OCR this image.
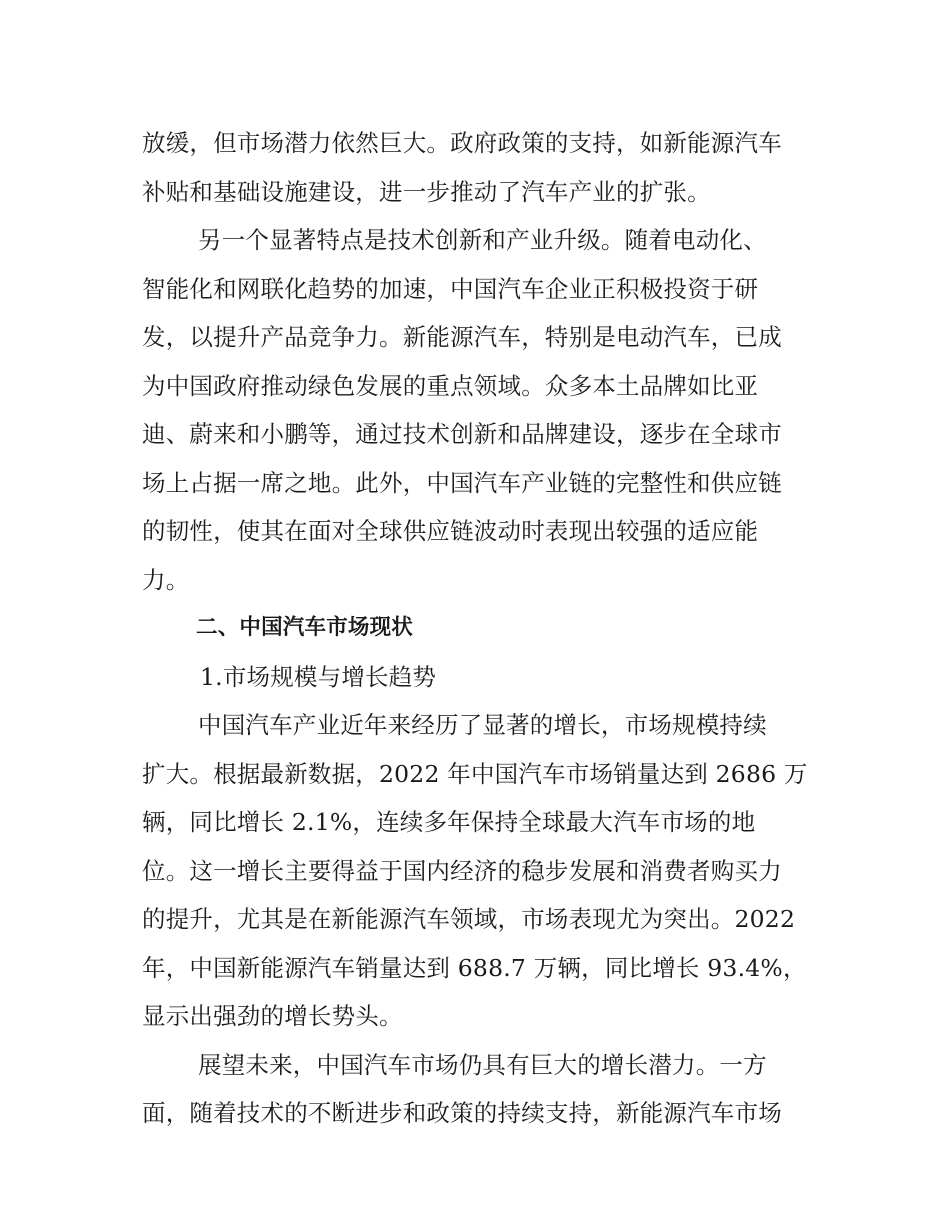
放缓，但市场潜力依然巨大。政府政策的支持，如新能源汽车
补贴和基础设施建设，进一步推动了汽车产业的扩张。
另一个显著特点是技术创新和产业升级。随着电动化、
智能化和网联化趋势的加速，中国汽车企业正积极投资于研
发，以提升产品竞争力。新能源汽车，特别是电动汽车，已成
为中国政府推动绿色发展的重点领域。众多本土品牌如比亚
迪、蔚来和小鹏等，通过技术创新和品牌建设，逐步在全球市
场上占据一席之地。此外，中国汽车产业链的完整性和供应链
的韧性，使其在面对全球供应链波动时表现出较强的适应能
力。
二、中国汽车市场现状
1.市场规模与增长趋势
中国汽车产业近年来经历了显著的增长，市场规模持续
扩大。根据最新数据，2022 年中国汽车市场销量达到 2686 万
辆，同比增长 2.1%，连续多年保持全球最大汽车市场的地
位。这一增长主要得益于国内经济的稳步发展和消费者购买力
的提升，尤其是在新能源汽车领域，市场表现尤为突出。2022
年，中国新能源汽车销量达到 688.7 万辆，同比增长 93.4%，
显示出强劲的增长势头。
展望未来，中国汽车市场仍具有巨大的增长潜力。一方
面，随着技术的不断进步和政策的持续支持，新能源汽车市场
